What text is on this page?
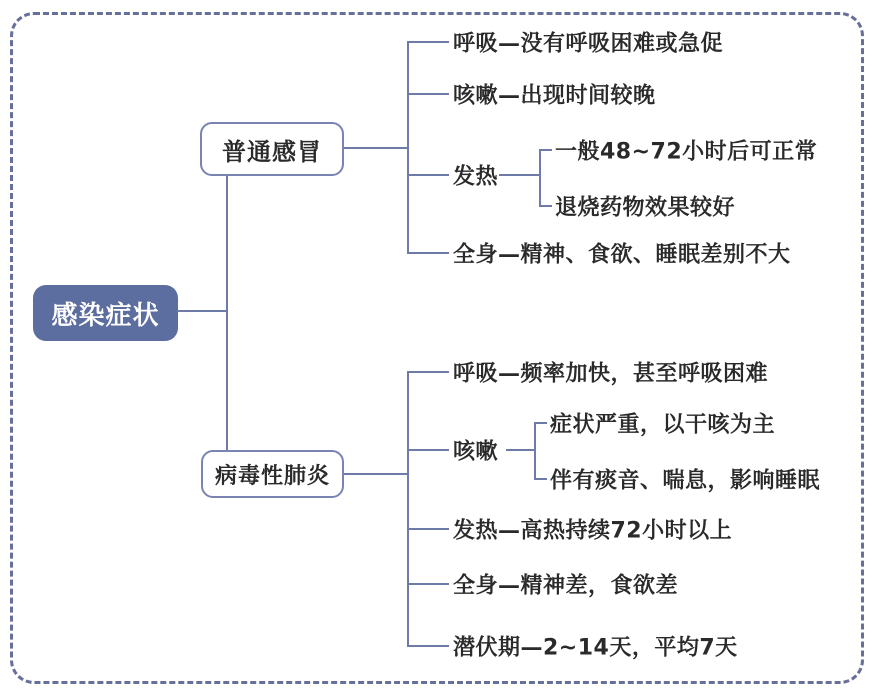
感染症状
普通感冒
病毒性肺炎
呼吸—没有呼吸困难或急促
咳嗽—出现时间较晚
发热
一般48~72小时后可正常
退烧药物效果较好
全身—精神、食欲、睡眠差别不大
呼吸—频率加快，甚至呼吸困难
咳嗽
症状严重，以干咳为主
伴有痰音、喘息，影响睡眠
发热—高热持续72小时以上
全身—精神差，食欲差
潜伏期—2~14天，平均7天
